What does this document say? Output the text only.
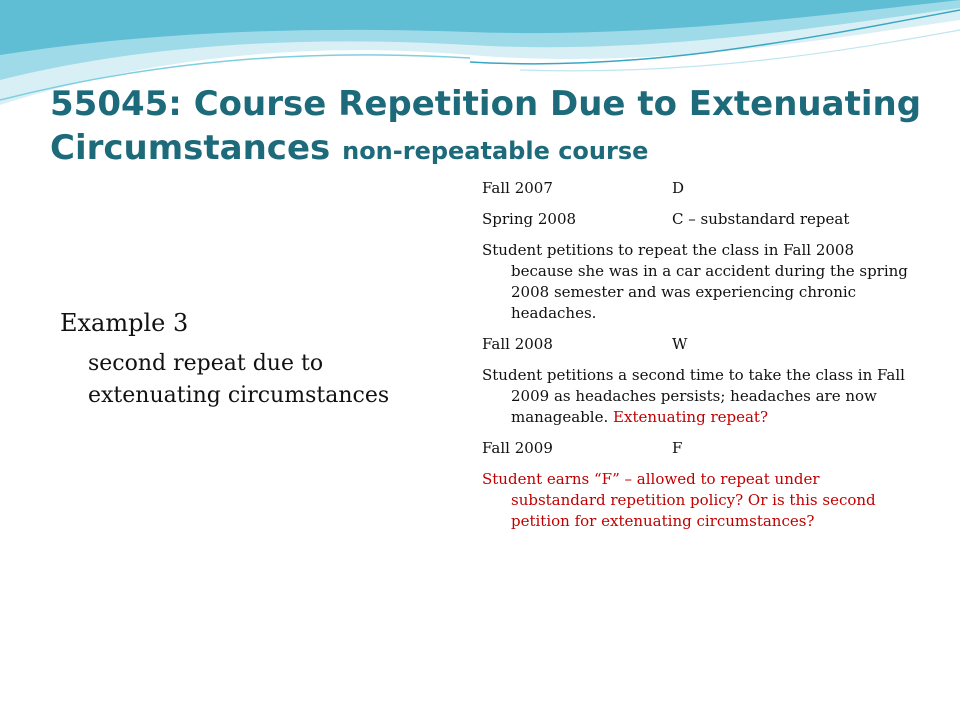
55045: Course Repetition Due to Extenuating Circumstances non-repeatable course
Example 3
second repeat due to extenuating circumstances
Fall 2007	D
Spring 2008	C – substandard repeat

Student petitions to repeat the class in Fall 2008 because she was in a car accident during the spring 2008 semester and was experiencing chronic headaches.

Fall 2008	W

Student petitions a second time to take the class in Fall 2009 as headaches persists; headaches are now manageable. Extenuating repeat?

Fall 2009	F

Student earns “F” – allowed to repeat under substandard repetition policy? Or is this second petition for extenuating circumstances?
